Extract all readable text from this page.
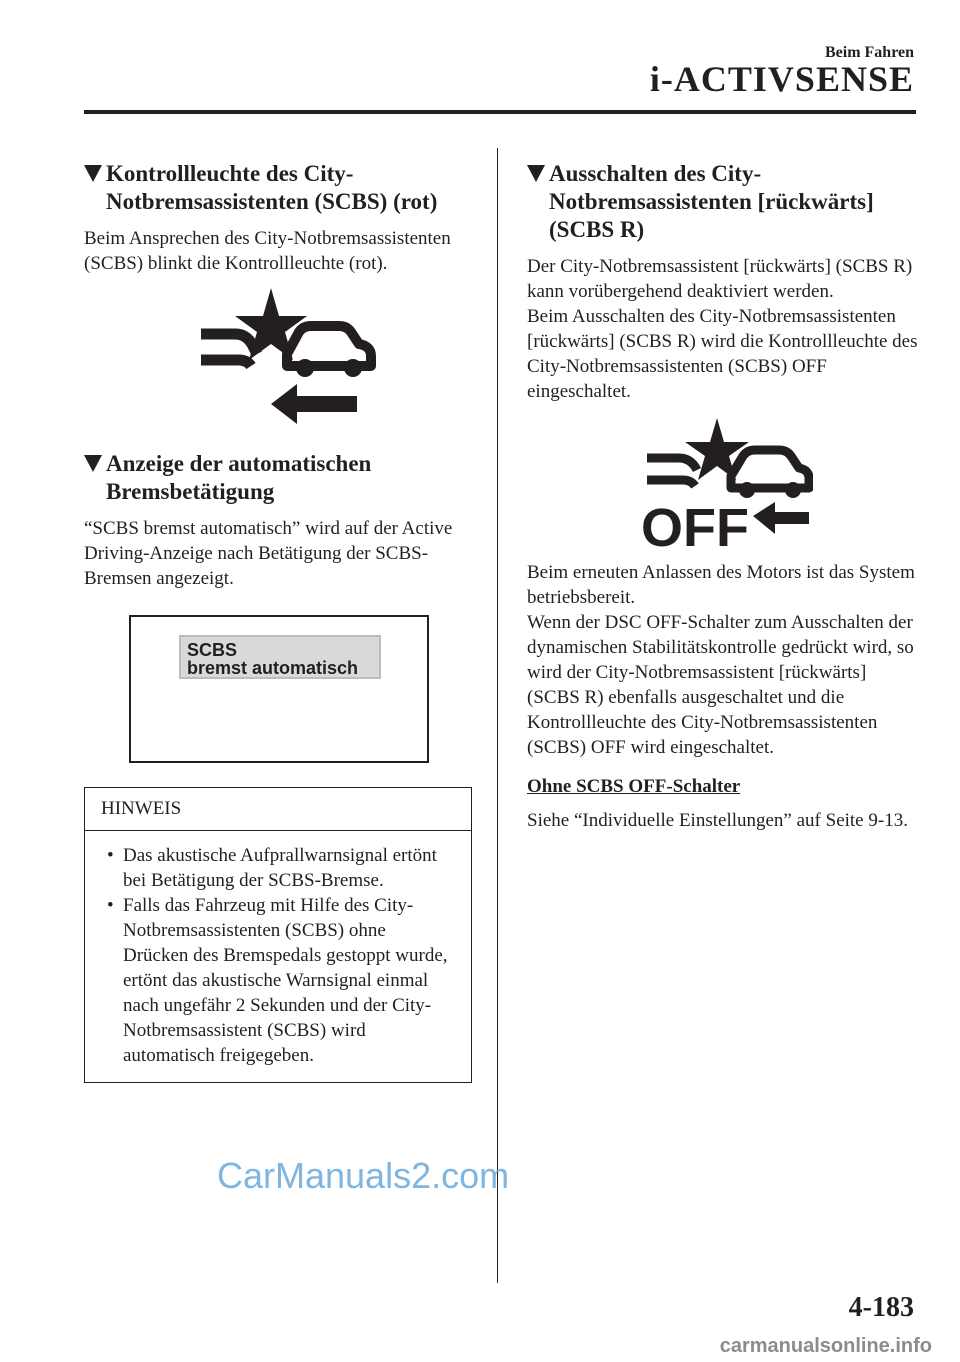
Beim Fahren
i-ACTIVSENSE
Kontrollleuchte des City-Notbremsassistenten (SCBS) (rot)

Beim Ansprechen des City-Notbremsassistenten (SCBS) blinkt die Kontrollleuchte (rot).

Anzeige der automatischen Bremsbetätigung

“SCBS bremst automatisch” wird auf der Active Driving-Anzeige nach Betätigung der SCBS-Bremsen angezeigt.

SCBS
bremst automatisch
HINWEIS
• Das akustische Aufprallwarnsignal ertönt bei Betätigung der SCBS-Bremse.
• Falls das Fahrzeug mit Hilfe des City-Notbremsassistenten (SCBS) ohne Drücken des Bremspedals gestoppt wurde, ertönt das akustische Warnsignal einmal nach ungefähr 2 Sekunden und der City-Notbremsassistent (SCBS) wird automatisch freigegeben.
Ausschalten des City-Notbremsassistenten [rückwärts] (SCBS R)

Der City-Notbremsassistent [rückwärts] (SCBS R) kann vorübergehend deaktiviert werden.

Beim Ausschalten des City-Notbremsassistenten [rückwärts] (SCBS R) wird die Kontrollleuchte des City-Notbremsassistenten (SCBS) OFF eingeschaltet.

OFF

Beim erneuten Anlassen des Motors ist das System betriebsbereit.

Wenn der DSC OFF-Schalter zum Ausschalten der dynamischen Stabilitätskontrolle gedrückt wird, so wird der City-Notbremsassistent [rückwärts] (SCBS R) ebenfalls ausgeschaltet und die Kontrollleuchte des City-Notbremsassistenten (SCBS) OFF wird eingeschaltet.

Ohne SCBS OFF-Schalter

Siehe “Individuelle Einstellungen” auf Seite 9-13.

CarManuals2.com
4-183
carmanualsonline.info
